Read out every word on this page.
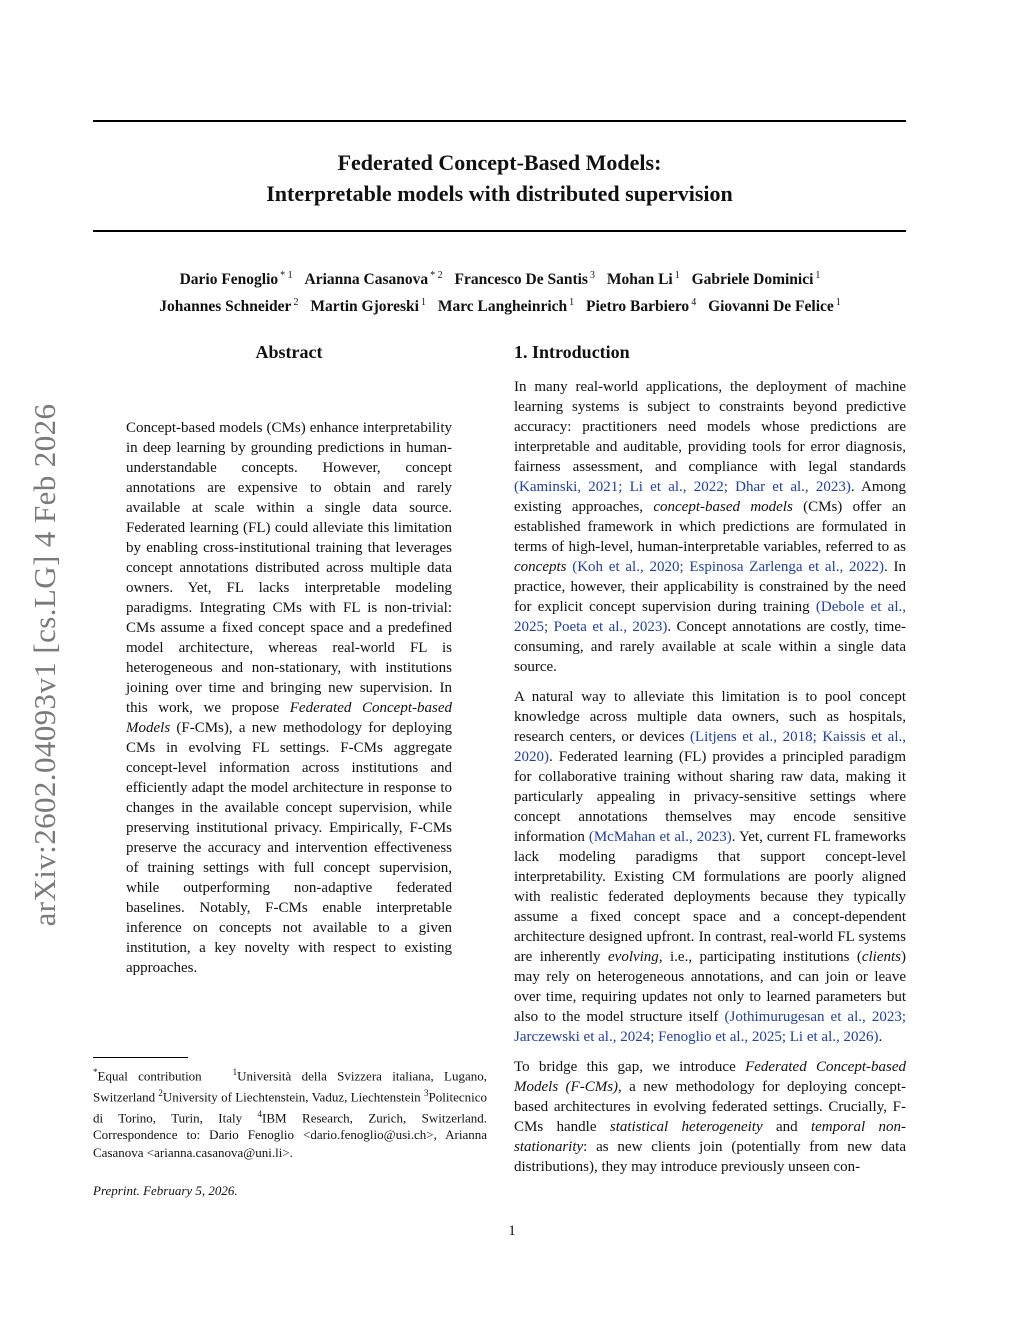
Federated Concept-Based Models:
Interpretable models with distributed supervision
Dario Fenoglio $^{* 1}$ Arianna Casanova $^{* 2}$ Francesco De Santis $^3$ Mohan Li $^1$ Gabriele Dominici $^1$
Johannes Schneider $^2$ Martin Gjoreski $^1$ Marc Langheinrich $^1$ Pietro Barbiero $^4$ Giovanni De Felice $^1$
arXiv:2602.04093v1 [cs.LG] 4 Feb 2026
Abstract
Concept-based models (CMs) enhance interpretability in deep learning by grounding predictions in human-understandable concepts. However, concept annotations are expensive to obtain and rarely available at scale within a single data source. Federated learning (FL) could alleviate this limitation by enabling cross-institutional training that leverages concept annotations distributed across multiple data owners. Yet, FL lacks interpretable modeling paradigms. Integrating CMs with FL is non-trivial: CMs assume a fixed concept space and a predefined model architecture, whereas real-world FL is heterogeneous and non-stationary, with institutions joining over time and bringing new supervision. In this work, we propose Federated Concept-based Models (F-CMs), a new methodology for deploying CMs in evolving FL settings. F-CMs aggregate concept-level information across institutions and efficiently adapt the model architecture in response to changes in the available concept supervision, while preserving institutional privacy. Empirically, F-CMs preserve the accuracy and intervention effectiveness of training settings with full concept supervision, while outperforming non-adaptive federated baselines. Notably, F-CMs enable interpretable inference on concepts not available to a given institution, a key novelty with respect to existing approaches.
1. Introduction

In many real-world applications, the deployment of machine learning systems is subject to constraints beyond predictive accuracy: practitioners need models whose predictions are interpretable and auditable, providing tools for error diagnosis, fairness assessment, and compliance with legal standards (Kaminski, 2021; Li et al., 2022; Dhar et al., 2023). Among existing approaches, concept-based models (CMs) offer an established framework in which predictions are formulated in terms of high-level, human-interpretable variables, referred to as concepts (Koh et al., 2020; Espinosa Zarlenga et al., 2022). In practice, however, their applicability is constrained by the need for explicit concept supervision during training (Debole et al., 2025; Poeta et al., 2023). Concept annotations are costly, time-consuming, and rarely available at scale within a single data source.

A natural way to alleviate this limitation is to pool concept knowledge across multiple data owners, such as hospitals, research centers, or devices (Litjens et al., 2018; Kaissis et al., 2020). Federated learning (FL) provides a principled paradigm for collaborative training without sharing raw data, making it particularly appealing in privacy-sensitive settings where concept annotations themselves may encode sensitive information (McMahan et al., 2023). Yet, current FL frameworks lack modeling paradigms that support concept-level interpretability. Existing CM formulations are poorly aligned with realistic federated deployments because they typically assume a fixed concept space and a concept-dependent architecture designed upfront. In contrast, real-world FL systems are inherently evolving, i.e., participating institutions (clients) may rely on heterogeneous annotations, and can join or leave over time, requiring updates not only to learned parameters but also to the model structure itself (Jothimurugesan et al., 2023; Jarczewski et al., 2024; Fenoglio et al., 2025; Li et al., 2026).

To bridge this gap, we introduce Federated Concept-based Models (F-CMs), a new methodology for deploying concept-based architectures in evolving federated settings. Crucially, F-CMs handle statistical heterogeneity and temporal non-stationarity: as new clients join (potentially from new data distributions), they may introduce previously unseen con-

*Equal contribution	$^1$Università della Svizzera italiana, Lugano, Switzerland $^2$University of Liechtenstein, Vaduz, Liechtenstein $^3$Politecnico di Torino, Turin, Italy $^4$IBM Research, Zurich, Switzerland. Correspondence to: Dario Fenoglio <dario.fenoglio@usi.ch>, Arianna Casanova <arianna.casanova@uni.li>.
Preprint. February 5, 2026.
1
